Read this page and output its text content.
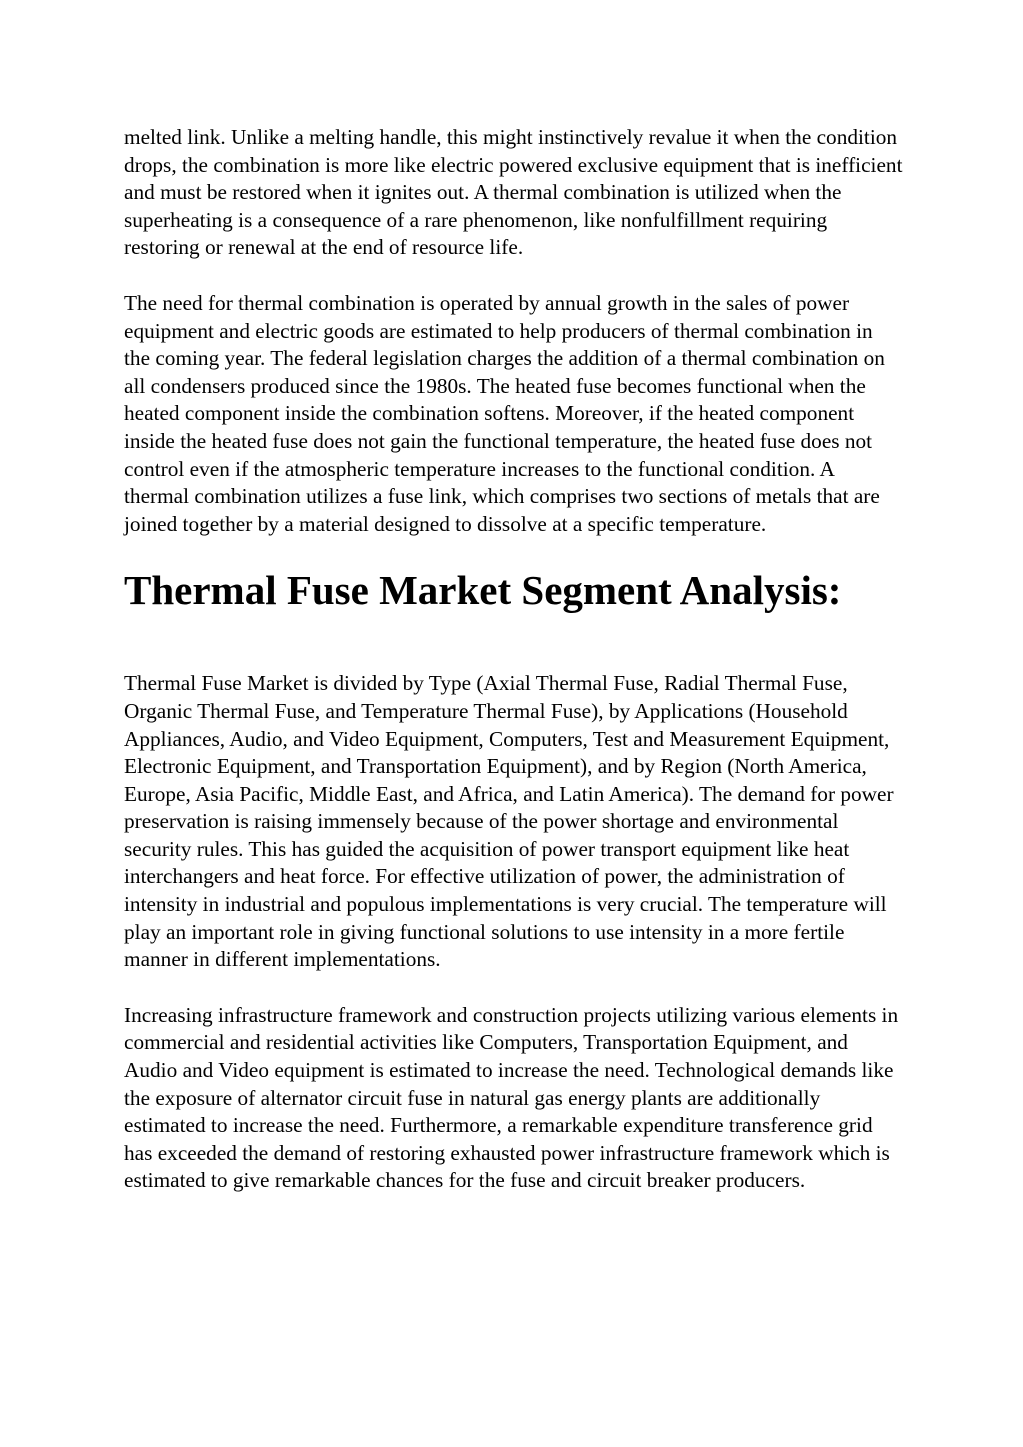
melted link. Unlike a melting handle, this might instinctively revalue it when the condition drops, the combination is more like electric powered exclusive equipment that is inefficient and must be restored when it ignites out. A thermal combination is utilized when the superheating is a consequence of a rare phenomenon, like nonfulfillment requiring restoring or renewal at the end of resource life.

The need for thermal combination is operated by annual growth in the sales of power equipment and electric goods are estimated to help producers of thermal combination in the coming year. The federal legislation charges the addition of a thermal combination on all condensers produced since the 1980s. The heated fuse becomes functional when the heated component inside the combination softens. Moreover, if the heated component inside the heated fuse does not gain the functional temperature, the heated fuse does not control even if the atmospheric temperature increases to the functional condition. A thermal combination utilizes a fuse link, which comprises two sections of metals that are joined together by a material designed to dissolve at a specific temperature.

Thermal Fuse Market Segment Analysis:

Thermal Fuse Market is divided by Type (Axial Thermal Fuse, Radial Thermal Fuse, Organic Thermal Fuse, and Temperature Thermal Fuse), by Applications (Household Appliances, Audio, and Video Equipment, Computers, Test and Measurement Equipment, Electronic Equipment, and Transportation Equipment), and by Region (North America, Europe, Asia Pacific, Middle East, and Africa, and Latin America). The demand for power preservation is raising immensely because of the power shortage and environmental security rules. This has guided the acquisition of power transport equipment like heat interchangers and heat force. For effective utilization of power, the administration of intensity in industrial and populous implementations is very crucial. The temperature will play an important role in giving functional solutions to use intensity in a more fertile manner in different implementations.

Increasing infrastructure framework and construction projects utilizing various elements in commercial and residential activities like Computers, Transportation Equipment, and Audio and Video equipment is estimated to increase the need. Technological demands like the exposure of alternator circuit fuse in natural gas energy plants are additionally estimated to increase the need. Furthermore, a remarkable expenditure transference grid has exceeded the demand of restoring exhausted power infrastructure framework which is estimated to give remarkable chances for the fuse and circuit breaker producers.
